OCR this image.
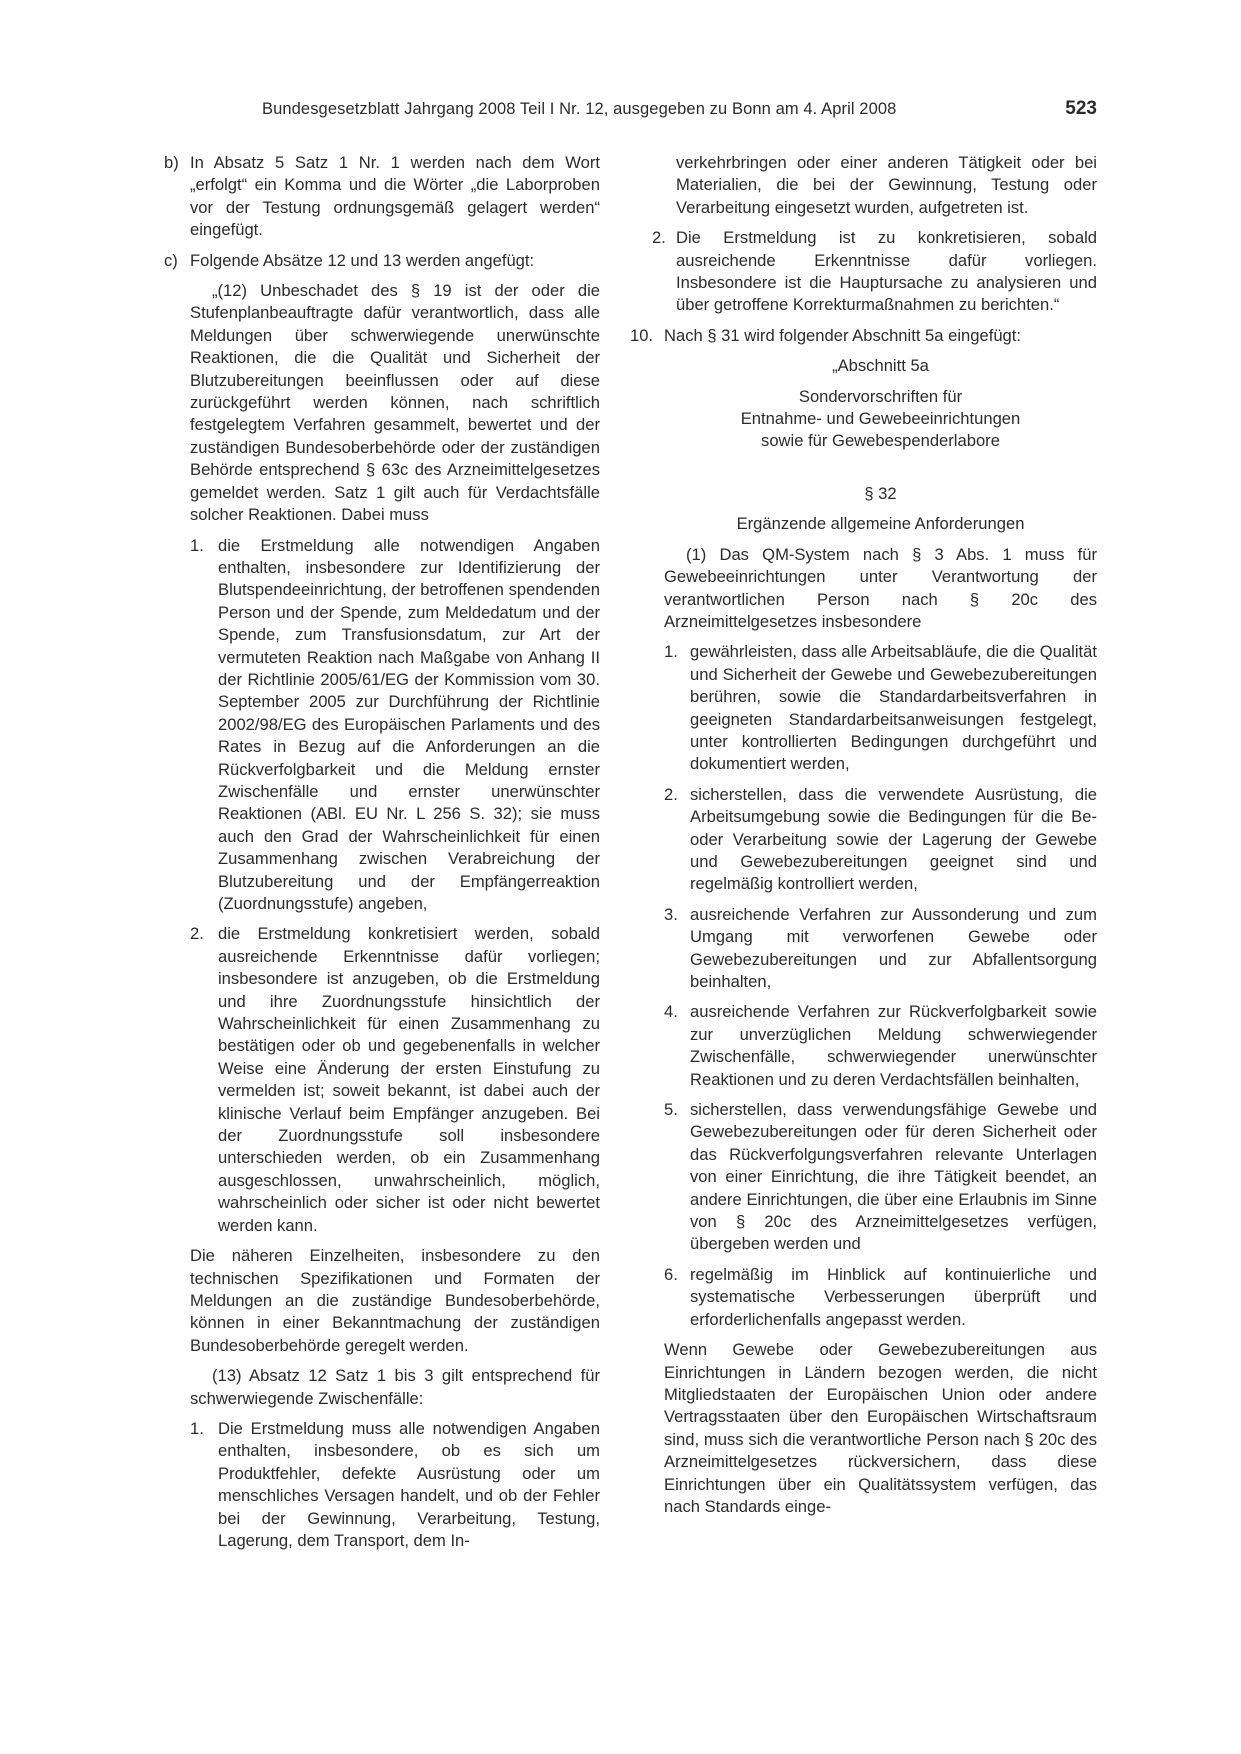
Bundesgesetzblatt Jahrgang 2008 Teil I Nr. 12, ausgegeben zu Bonn am 4. April 2008	523
b) In Absatz 5 Satz 1 Nr. 1 werden nach dem Wort „erfolgt“ ein Komma und die Wörter „die Laborproben vor der Testung ordnungsgemäß gelagert werden“ eingefügt.

c) Folgende Absätze 12 und 13 werden angefügt:

„(12) Unbeschadet des § 19 ist der oder die Stufenplanbeauftragte dafür verantwortlich, dass alle Meldungen über schwerwiegende unerwünschte Reaktionen, die die Qualität und Sicherheit der Blutzubereitungen beeinflussen oder auf diese zurückgeführt werden können, nach schriftlich festgelegtem Verfahren gesammelt, bewertet und der zuständigen Bundesoberbehörde oder der zuständigen Behörde entsprechend § 63c des Arzneimittelgesetzes gemeldet werden. Satz 1 gilt auch für Verdachtsfälle solcher Reaktionen. Dabei muss

1. die Erstmeldung alle notwendigen Angaben enthalten, insbesondere zur Identifizierung der Blutspendeeinrichtung, der betroffenen spendenden Person und der Spende, zum Meldedatum und der Spende, zum Transfusionsdatum, zur Art der vermuteten Reaktion nach Maßgabe von Anhang II der Richtlinie 2005/61/EG der Kommission vom 30. September 2005 zur Durchführung der Richtlinie 2002/98/EG des Europäischen Parlaments und des Rates in Bezug auf die Anforderungen an die Rückverfolgbarkeit und die Meldung ernster Zwischenfälle und ernster unerwünschter Reaktionen (ABl. EU Nr. L 256 S. 32); sie muss auch den Grad der Wahrscheinlichkeit für einen Zusammenhang zwischen Verabreichung der Blutzubereitung und der Empfängerreaktion (Zuordnungsstufe) angeben,

2. die Erstmeldung konkretisiert werden, sobald ausreichende Erkenntnisse dafür vorliegen; insbesondere ist anzugeben, ob die Erstmeldung und ihre Zuordnungsstufe hinsichtlich der Wahrscheinlichkeit für einen Zusammenhang zu bestätigen oder ob und gegebenenfalls in welcher Weise eine Änderung der ersten Einstufung zu vermelden ist; soweit bekannt, ist dabei auch der klinische Verlauf beim Empfänger anzugeben. Bei der Zuordnungsstufe soll insbesondere unterschieden werden, ob ein Zusammenhang ausgeschlossen, unwahrscheinlich, möglich, wahrscheinlich oder sicher ist oder nicht bewertet werden kann.

Die näheren Einzelheiten, insbesondere zu den technischen Spezifikationen und Formaten der Meldungen an die zuständige Bundesoberbehörde, können in einer Bekanntmachung der zuständigen Bundesoberbehörde geregelt werden.

(13) Absatz 12 Satz 1 bis 3 gilt entsprechend für schwerwiegende Zwischenfälle:

1. Die Erstmeldung muss alle notwendigen Angaben enthalten, insbesondere, ob es sich um Produktfehler, defekte Ausrüstung oder um menschliches Versagen handelt, und ob der Fehler bei der Gewinnung, Verarbeitung, Testung, Lagerung, dem Transport, dem In-

verkehrbringen oder einer anderen Tätigkeit oder bei Materialien, die bei der Gewinnung, Testung oder Verarbeitung eingesetzt wurden, aufgetreten ist.

2. Die Erstmeldung ist zu konkretisieren, sobald ausreichende Erkenntnisse dafür vorliegen. Insbesondere ist die Hauptursache zu analysieren und über getroffene Korrekturmaßnahmen zu berichten.“

10. Nach § 31 wird folgender Abschnitt 5a eingefügt:

„Abschnitt 5a

Sondervorschriften für

Entnahme- und Gewebeeinrichtungen

sowie für Gewebespenderlabore

§ 32

Ergänzende allgemeine Anforderungen

(1) Das QM-System nach § 3 Abs. 1 muss für Gewebeeinrichtungen unter Verantwortung der verantwortlichen Person nach § 20c des Arzneimittelgesetzes insbesondere

1. gewährleisten, dass alle Arbeitsabläufe, die die Qualität und Sicherheit der Gewebe und Gewebezubereitungen berühren, sowie die Standardarbeitsverfahren in geeigneten Standardarbeitsanweisungen festgelegt, unter kontrollierten Bedingungen durchgeführt und dokumentiert werden,

2. sicherstellen, dass die verwendete Ausrüstung, die Arbeitsumgebung sowie die Bedingungen für die Be- oder Verarbeitung sowie der Lagerung der Gewebe und Gewebezubereitungen geeignet sind und regelmäßig kontrolliert werden,

3. ausreichende Verfahren zur Aussonderung und zum Umgang mit verworfenen Gewebe oder Gewebezubereitungen und zur Abfallentsorgung beinhalten,

4. ausreichende Verfahren zur Rückverfolgbarkeit sowie zur unverzüglichen Meldung schwerwiegender Zwischenfälle, schwerwiegender unerwünschter Reaktionen und zu deren Verdachtsfällen beinhalten,

5. sicherstellen, dass verwendungsfähige Gewebe und Gewebezubereitungen oder für deren Sicherheit oder das Rückverfolgungsverfahren relevante Unterlagen von einer Einrichtung, die ihre Tätigkeit beendet, an andere Einrichtungen, die über eine Erlaubnis im Sinne von § 20c des Arzneimittelgesetzes verfügen, übergeben werden und

6. regelmäßig im Hinblick auf kontinuierliche und systematische Verbesserungen überprüft und erforderlichenfalls angepasst werden.

Wenn Gewebe oder Gewebezubereitungen aus Einrichtungen in Ländern bezogen werden, die nicht Mitgliedstaaten der Europäischen Union oder andere Vertragsstaaten über den Europäischen Wirtschaftsraum sind, muss sich die verantwortliche Person nach § 20c des Arzneimittelgesetzes rückversichern, dass diese Einrichtungen über ein Qualitätssystem verfügen, das nach Standards einge-
